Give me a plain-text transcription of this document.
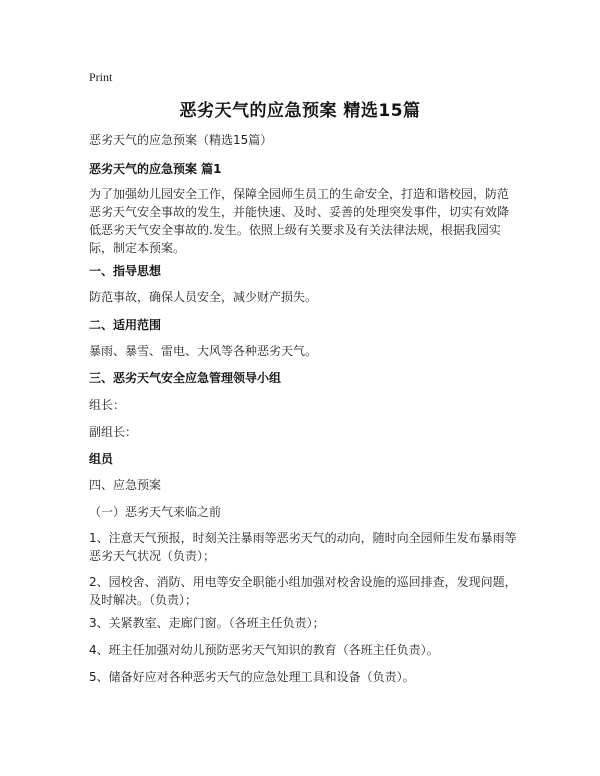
Print
恶劣天气的应急预案 精选15篇
恶劣天气的应急预案（精选15篇）
恶劣天气的应急预案 篇1
为了加强幼儿园安全工作，保障全园师生员工的生命安全，打造和谐校园，防范恶劣天气安全事故的发生，并能快速、及时、妥善的处理突发事件，切实有效降低恶劣天气安全事故的.发生。依照上级有关要求及有关法律法规，根据我园实际，制定本预案。
一、指导思想
防范事故，确保人员安全，减少财产损失。
二、适用范围
暴雨、暴雪、雷电、大风等各种恶劣天气。
三、恶劣天气安全应急管理领导小组
组长：
副组长：
组员
四、应急预案
（一）恶劣天气来临之前
1、注意天气预报，时刻关注暴雨等恶劣天气的动向，随时向全园师生发布暴雨等恶劣天气状况（负责）；
2、园校舍、消防、用电等安全职能小组加强对校舍设施的巡回排查，发现问题，及时解决。（负责）；
3、关紧教室、走廊门窗。（各班主任负责）；
4、班主任加强对幼儿预防恶劣天气知识的教育（各班主任负责）。
5、储备好应对各种恶劣天气的应急处理工具和设备（负责）。
